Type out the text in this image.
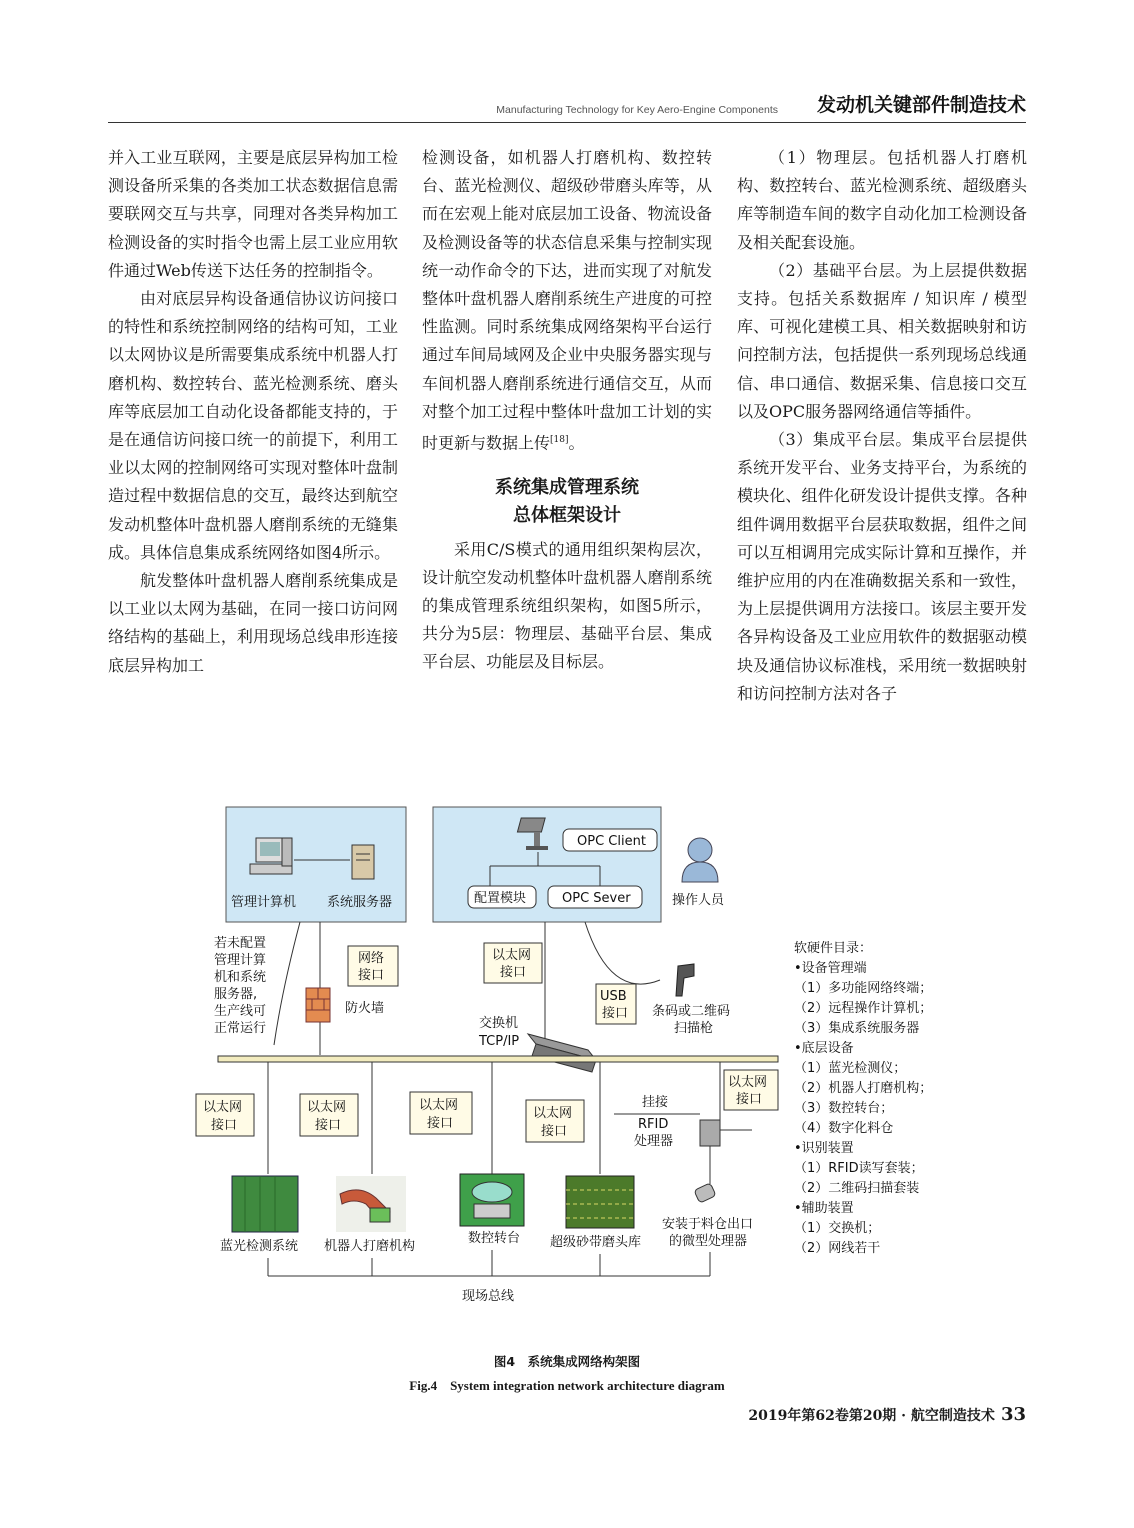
Manufacturing Technology for Key Aero-Engine Components 发动机关键部件制造技术

并入工业互联网，主要是底层异构加工检测设备所采集的各类加工状态数据信息需要联网交互与共享，同理对各类异构加工检测设备的实时指令也需上层工业应用软件通过Web传送下达任务的控制指令。

由对底层异构设备通信协议访问接口的特性和系统控制网络的结构可知，工业以太网协议是所需要集成系统中机器人打磨机构、数控转台、蓝光检测系统、磨头库等底层加工自动化设备都能支持的，于是在通信访问接口统一的前提下，利用工业以太网的控制网络可实现对整体叶盘制造过程中数据信息的交互，最终达到航空发动机整体叶盘机器人磨削系统的无缝集成。具体信息集成系统网络如图4所示。

航发整体叶盘机器人磨削系统集成是以工业以太网为基础，在同一接口访问网络结构的基础上，利用现场总线串形连接底层异构加工

检测设备，如机器人打磨机构、数控转台、蓝光检测仪、超级砂带磨头库等，从而在宏观上能对底层加工设备、物流设备及检测设备等的状态信息采集与控制实现统一动作命令的下达，进而实现了对航发整体叶盘机器人磨削系统生产进度的可控性监测。同时系统集成网络架构平台运行通过车间局域网及企业中央服务器实现与车间机器人磨削系统进行通信交互，从而对整个加工过程中整体叶盘加工计划的实时更新与数据上传[18]。

系统集成管理系统
总体框架设计

采用C/S模式的通用组织架构层次，设计航空发动机整体叶盘机器人磨削系统的集成管理系统组织架构，如图5所示，共分为5层：物理层、基础平台层、集成平台层、功能层及目标层。

（1）物理层。包括机器人打磨机构、数控转台、蓝光检测系统、超级磨头库等制造车间的数字自动化加工检测设备及相关配套设施。

（2）基础平台层。为上层提供数据支持。包括关系数据库 / 知识库 / 模型库、可视化建模工具、相关数据映射和访问控制方法，包括提供一系列现场总线通信、串口通信、数据采集、信息接口交互以及OPC服务器网络通信等插件。

（3）集成平台层。集成平台层提供系统开发平台、业务支持平台，为系统的模块化、组件化研发设计提供支撑。各种组件调用数据平台层获取数据，组件之间可以互相调用完成实际计算和互操作，并维护应用的内在准确数据关系和一致性，为上层提供调用方法接口。该层主要开发各异构设备及工业应用软件的数据驱动模块及通信协议标准栈，采用统一数据映射和访问控制方法对各子

管理计算机 系统服务器
OPC Client
配置模块	OPC Sever	操作人员
若未配置
管理计算
机和系统
服务器,
生产线可
正常运行
网络
接口
防火墙
以太网
接口
USB
接口 条码或二维码
扫描枪
交换机
TCP/IP
以太网
接口
以太网
接口
以太网
接口
以太网
接口
以太网
接口
挂接
RFID
处理器
安装于料仓出口
的微型处理器
蓝光检测系统 机器人打磨机构
数控转台 超级砂带磨头库
现场总线
软硬件目录：
•设备管理端
（1）多功能网络终端；
（2）远程操作计算机；
（3）集成系统服务器
•底层设备
（1）蓝光检测仪；
（2）机器人打磨机构；
（3）数控转台；
（4）数字化料仓
•识别装置
（1）RFID读写套装；
（2）二维码扫描套装
•辅助装置
（1）交换机；
（2）网线若干
图4　系统集成网络构架图
Fig.4　System integration network architecture diagram
2019年第62卷第20期 · 航空制造技术 33
